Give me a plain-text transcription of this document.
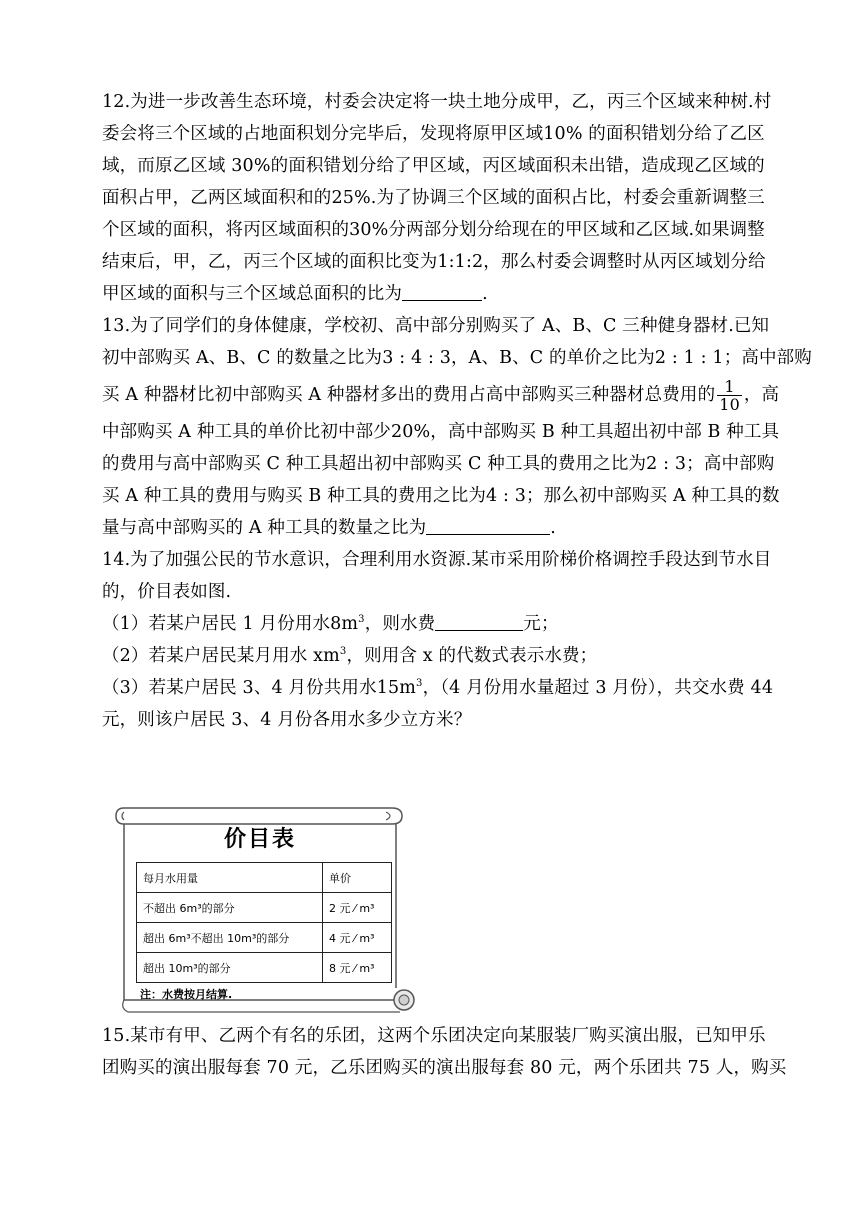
12.为进一步改善生态环境，村委会决定将一块土地分成甲，乙，丙三个区域来种树.村
委会将三个区域的占地面积划分完毕后，发现将原甲区域10% 的面积错划分给了乙区
域，而原乙区域 30%的面积错划分给了甲区域，丙区域面积未出错，造成现乙区域的
面积占甲，乙两区域面积和的25%.为了协调三个区域的面积占比，村委会重新调整三
个区域的面积，将丙区域面积的30%分两部分划分给现在的甲区域和乙区域.如果调整
结束后，甲，乙，丙三个区域的面积比变为1:1:2，那么村委会调整时从丙区域划分给
甲区域的面积与三个区域总面积的比为	.
13.为了同学们的身体健康，学校初、高中部分别购买了 A、B、C 三种健身器材.已知
初中部购买 A、B、C 的数量之比为3 : 4 : 3，A、B、C 的单价之比为2 : 1 : 1；高中部购
买 A 种器材比初中部购买 A 种器材多出的费用占高中部购买三种器材总费用的 $\frac{1}{10}$ ，高
中部购买 A 种工具的单价比初中部少20%，高中部购买 B 种工具超出初中部 B 种工具
的费用与高中部购买 C 种工具超出初中部购买 C 种工具的费用之比为2 : 3；高中部购
买 A 种工具的费用与购买 B 种工具的费用之比为4 : 3；那么初中部购买 A 种工具的数
量与高中部购买的 A 种工具的数量之比为	.
14.为了加强公民的节水意识，合理利用水资源.某市采用阶梯价格调控手段达到节水目
的，价目表如图.
（1）若某户居民 1 月份用水$8m^3$，则水费	元；
（2）若某户居民某月用水 $xm^3$，则用含 x 的代数式表示水费；
（3）若某户居民 3、4 月份共用水$15m^3$，（4 月份用水量超过 3 月份），共交水费 44
元，则该户居民 3、4 月份各用水多少立方米？
价目表
每月水用量	单价
不超出 6m³的部分	2 元 ⁄ m³
超出 6m³不超出 10m³的部分	4 元 ⁄ m³
超出 10m³的部分	8 元 ⁄ m³
注：水费按月结算.
15.某市有甲、乙两个有名的乐团，这两个乐团决定向某服装厂购买演出服，已知甲乐
团购买的演出服每套 70 元，乙乐团购买的演出服每套 80 元，两个乐团共 75 人，购买
